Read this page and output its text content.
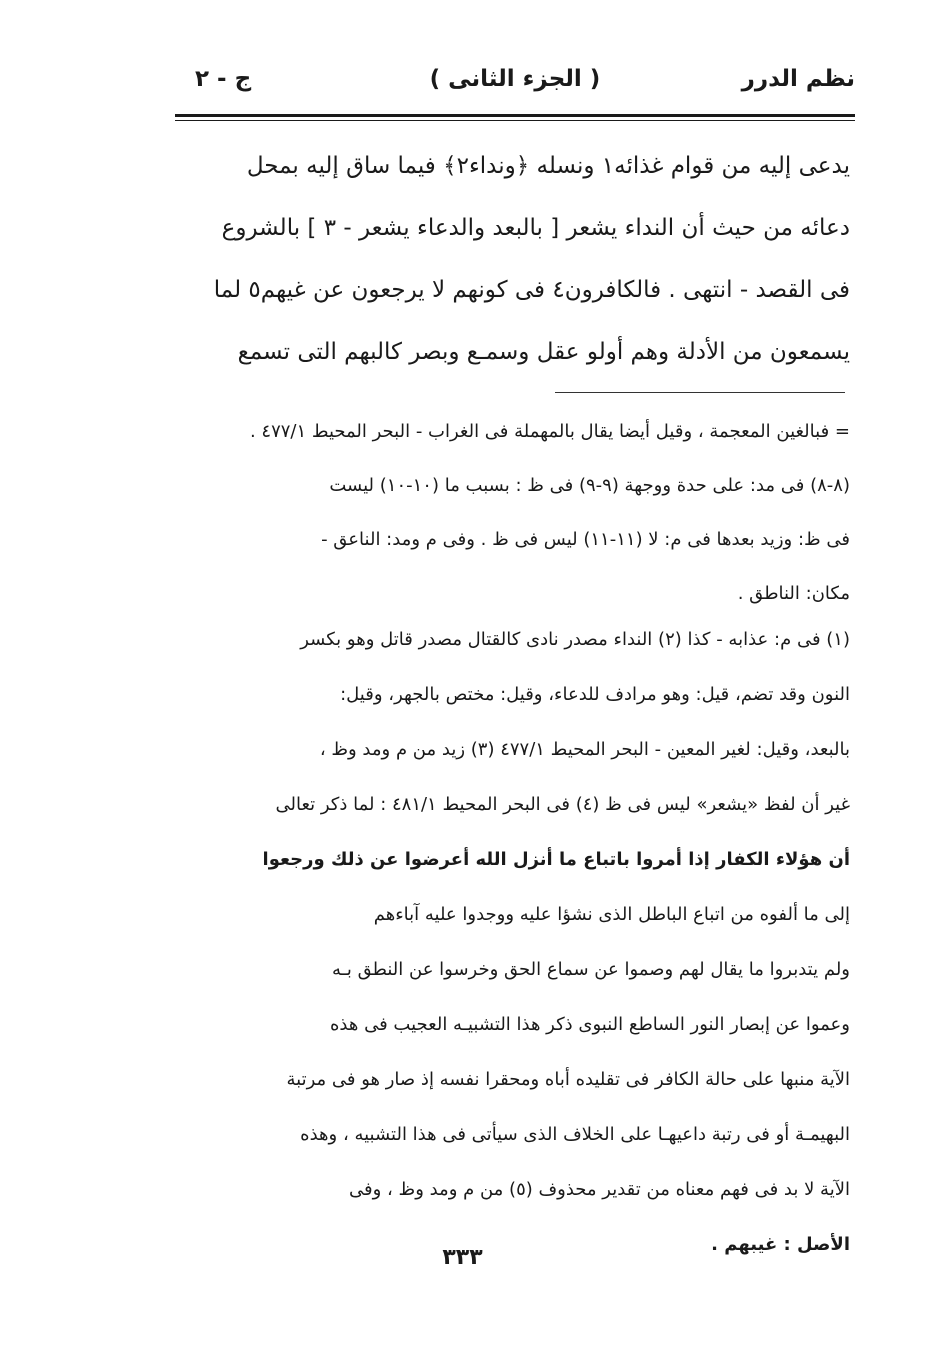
نظم الدرر
( الجزء الثانى )
ج - ٢
يدعى إليه من قوام غذائه١ ونسله ﴿ونداء٢﴾ فيما ساق إليه بمحل
دعائه من حيث أن النداء يشعر [ بالبعد والدعاء يشعر - ٣ ] بالشروع
فى القصد - انتهى . فالكافرون٤ فى كونهم لا يرجعون عن غيهم٥ لما
يسمعون من الأدلة وهم أولو عقل وسمـع وبصر كالبهم التى تسمع
= فبالغين المعجمة ، وقيل أيضا يقال بالمهملة فى الغراب - البحر المحيط ٤٧٧/١ .
(٨-٨) فى مد: على حدة ووجهة (٩-٩) فى ظ : بسبب ما (١٠-١٠) ليست
فى ظ: وزيد بعدها فى م: لا (١١-١١) ليس فى ظ . وفى م ومد: الناعق -
مكان: الناطق .
(١) فى م: عذابه - كذا (٢) النداء مصدر نادى كالقتال مصدر قاتل وهو بكسر
النون وقد تضم، قيل: وهو مرادف للدعاء، وقيل: مختص بالجهر، وقيل:
بالبعد، وقيل: لغير المعين - البحر المحيط ٤٧٧/١ (٣) زيد من م ومد وظ ،
غير أن لفظ «يشعر» ليس فى ظ (٤) فى البحر المحيط ٤٨١/١ : لما ذكر تعالى
أن هؤلاء الكفار إذا أمروا باتباع ما أنزل الله أعرضوا عن ذلك ورجعوا
إلى ما ألفوه من اتباع الباطل الذى نشؤا عليه ووجدوا عليه آباءهم
ولم يتدبروا ما يقال لهم وصموا عن سماع الحق وخرسوا عن النطق بـه
وعموا عن إبصار النور الساطع النبوى ذكر هذا التشبيـه العجيب فى هذه
الآية منبها على حالة الكافر فى تقليده أباه ومحقرا نفسه إذ صار هو فى مرتبة
البهيمـة أو فى رتبة داعيهـا على الخلاف الذى سيأتى فى هذا التشبيه ، وهذه
الآية لا بد فى فهم معناه من تقدير محذوف (٥) من م ومد وظ ، وفى
الأصل : غيبهم .
٣٣٣
